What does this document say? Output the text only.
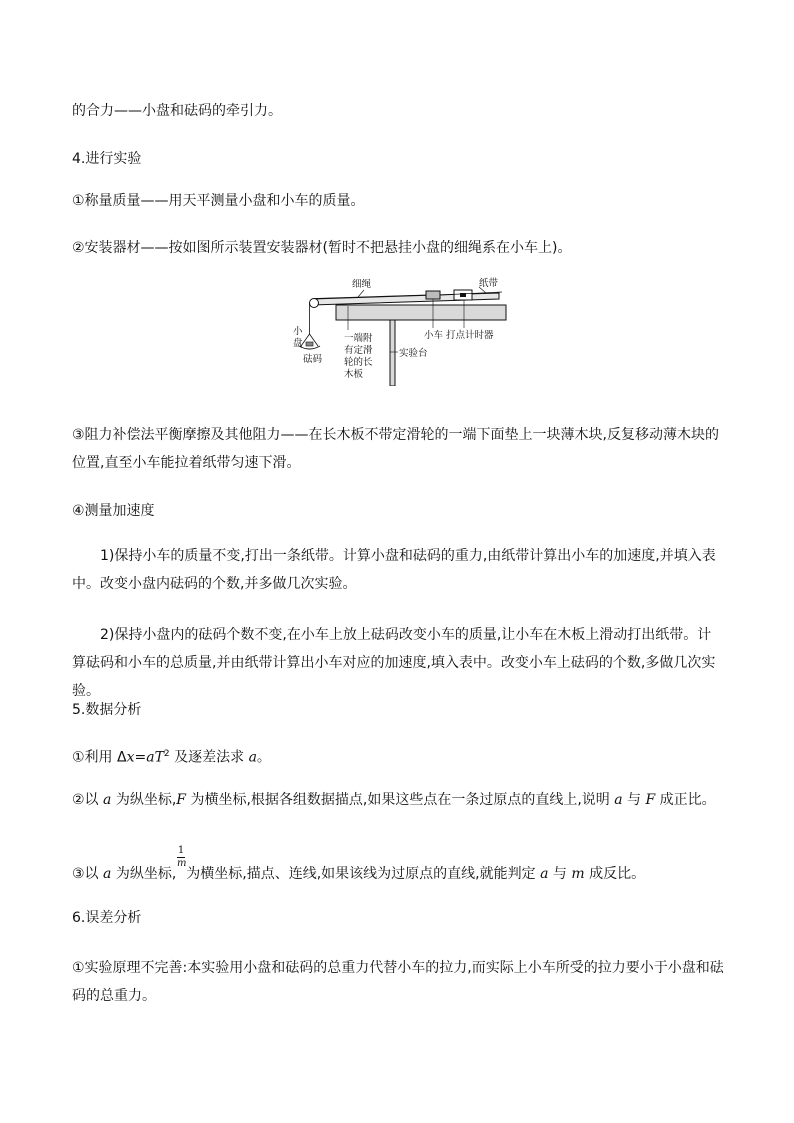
的合力——小盘和砝码的牵引力。
4.进行实验
①称量质量——用天平测量小盘和小车的质量。
②安装器材——按如图所示装置安装器材(暂时不把悬挂小盘的细绳系在小车上)。
细绳	纸带
小
盘
砝码
一端附
有定滑
轮的长
木板
小车 打点计时器
实验台
③阻力补偿法平衡摩擦及其他阻力——在长木板不带定滑轮的一端下面垫上一块薄木块,反复移动薄木块的位置,直至小车能拉着纸带匀速下滑。
④测量加速度
1)保持小车的质量不变,打出一条纸带。计算小盘和砝码的重力,由纸带计算出小车的加速度,并填入表中。改变小盘内砝码的个数,并多做几次实验。
2)保持小盘内的砝码个数不变,在小车上放上砝码改变小车的质量,让小车在木板上滑动打出纸带。计算砝码和小车的总质量,并由纸带计算出小车对应的加速度,填入表中。改变小车上砝码的个数,多做几次实验。
5.数据分析
①利用 $\Delta x=aT^2$ 及逐差法求 a。
②以 a 为纵坐标,F 为横坐标,根据各组数据描点,如果这些点在一条过原点的直线上,说明 a 与 F 成正比。
1
m
③以 a 为纵坐标, 为横坐标,描点、连线,如果该线为过原点的直线,就能判定 a 与 m 成反比。
6.误差分析
①实验原理不完善:本实验用小盘和砝码的总重力代替小车的拉力,而实际上小车所受的拉力要小于小盘和砝码的总重力。
